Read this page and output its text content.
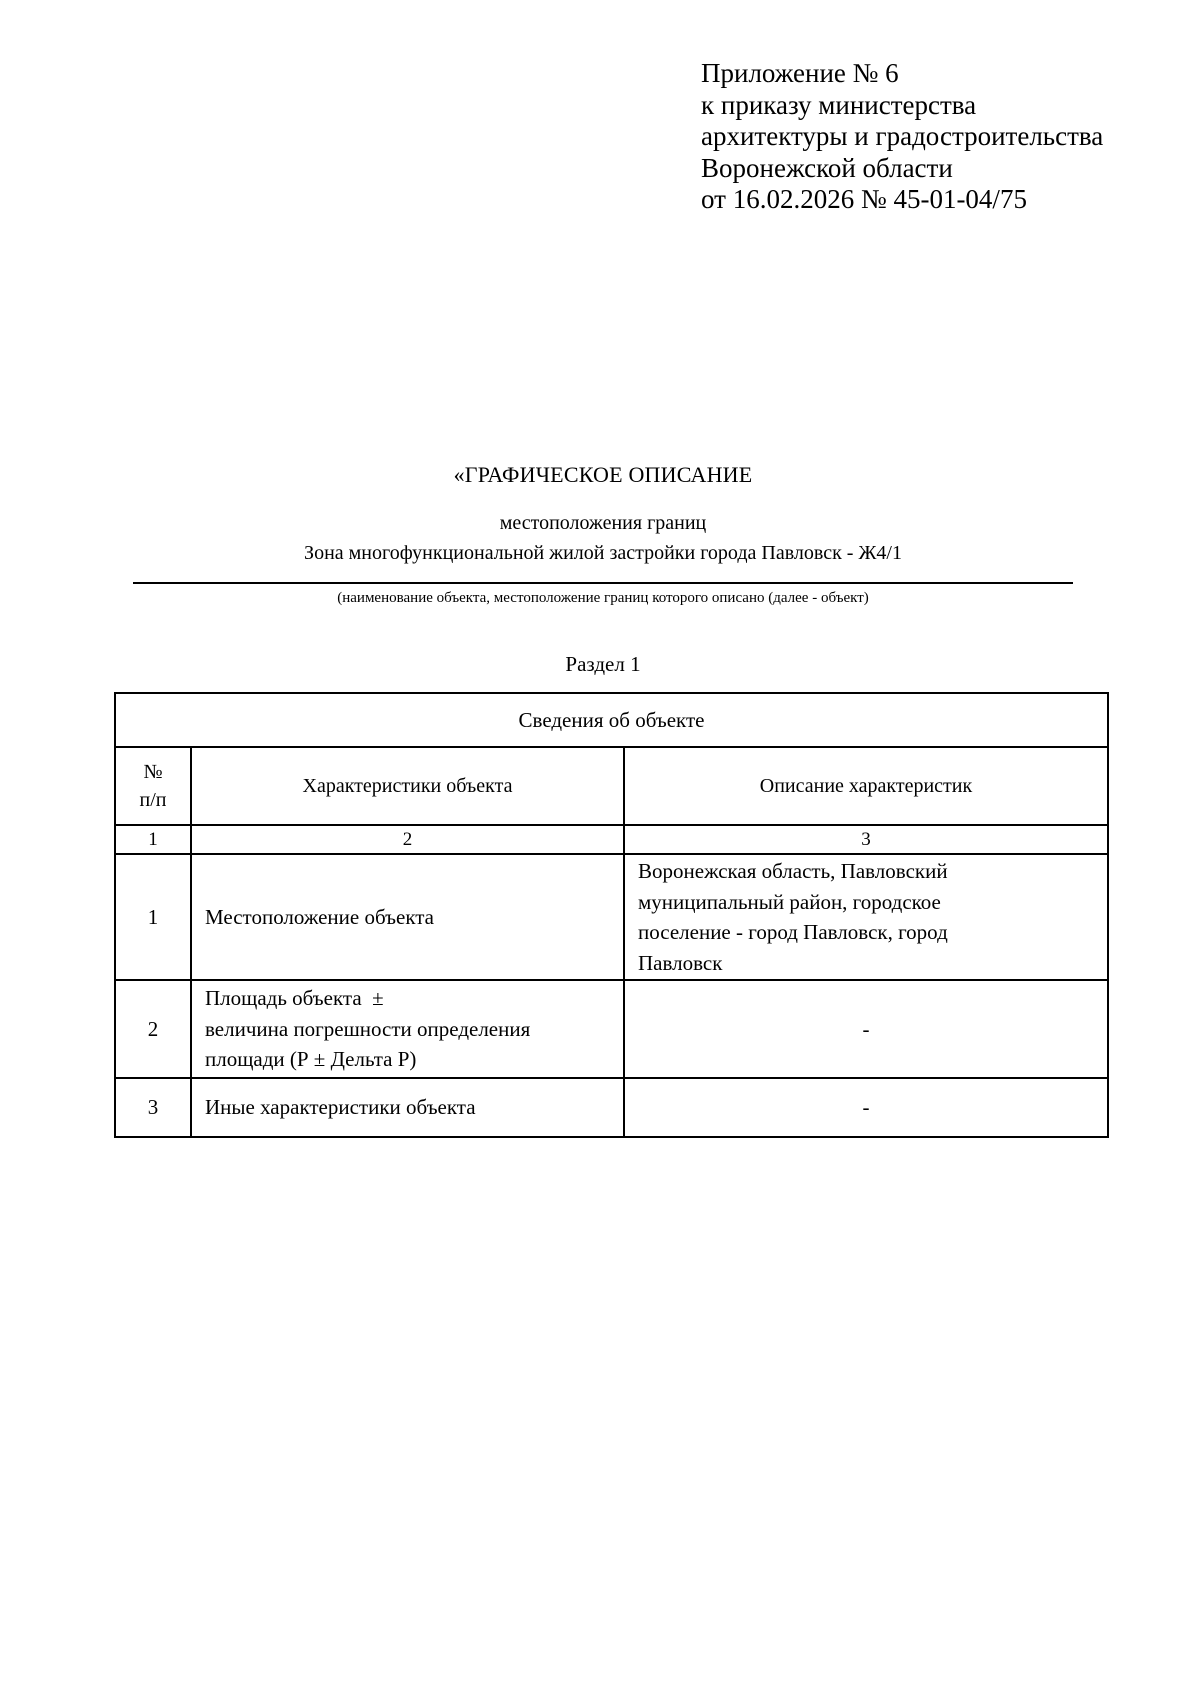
Приложение № 6
к приказу министерства
архитектуры и градостроительства
Воронежской области
от 16.02.2026 № 45-01-04/75
«ГРАФИЧЕСКОЕ ОПИСАНИЕ
местоположения границ
Зона многофункциональной жилой застройки города Павловск - Ж4/1
(наименование объекта, местоположение границ которого описано (далее - объект)
Раздел 1
Сведения об объекте		

№
п/п	Характеристики объекта	Описание характеристик
1	2	3
1	Местоположение объекта	Воронежская область, Павловский
муниципальный район, городское
поселение - город Павловск, город
Павловск

2	Площадь объекта  ±
величина погрешности определения
площади (Р ± Дельта Р)	-
3	Иные характеристики объекта	-
